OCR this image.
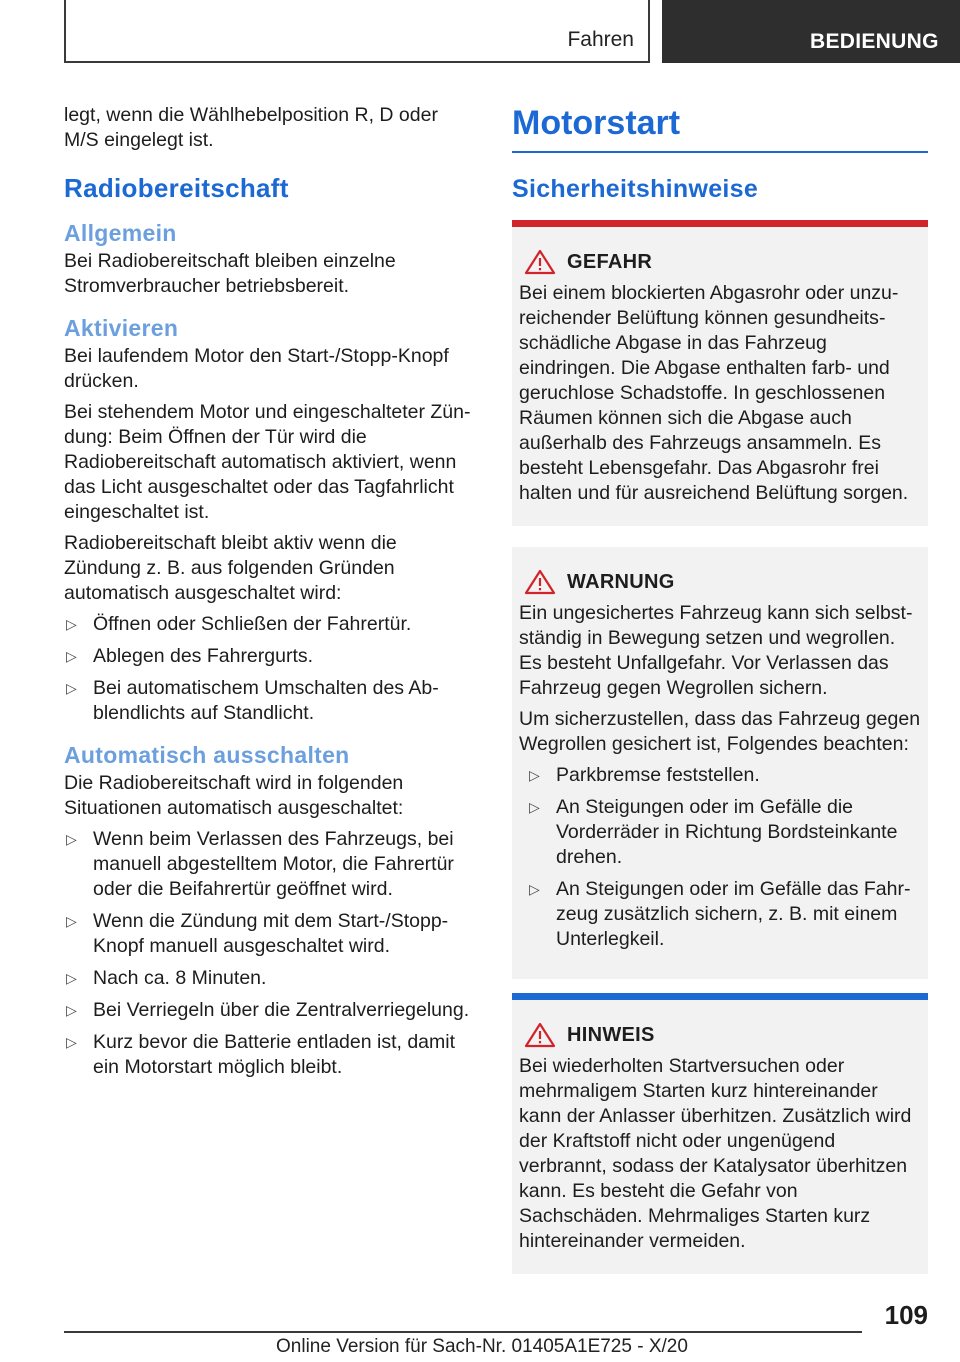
Fahren	BEDIENUNG

legt, wenn die Wählhebelposition R, D oder M/S eingelegt ist.

Radiobereitschaft
Allgemein

Bei Radiobereitschaft bleiben einzelne Stromverbraucher betriebsbereit.

Aktivieren

Bei laufendem Motor den Start-/Stopp-Knopf drücken.

Bei stehendem Motor und eingeschalteter Zündung: Beim Öffnen der Tür wird die Radiobereitschaft automatisch aktiviert, wenn das Licht ausgeschaltet oder das Tagfahrlicht eingeschaltet ist.

Radiobereitschaft bleibt aktiv wenn die Zündung z. B. aus folgenden Gründen automatisch ausgeschaltet wird:

▷ Öffnen oder Schließen der Fahrertür.
▷ Ablegen des Fahrergurts.
▷ Bei automatischem Umschalten des Abblendlichts auf Standlicht.
Automatisch ausschalten

Die Radiobereitschaft wird in folgenden Situationen automatisch ausgeschaltet:

▷ Wenn beim Verlassen des Fahrzeugs, bei manuell abgestelltem Motor, die Fahrertür oder die Beifahrertür geöffnet wird.
▷ Wenn die Zündung mit dem Start-/Stopp-Knopf manuell ausgeschaltet wird.
▷ Nach ca. 8 Minuten.
▷ Bei Verriegeln über die Zentralverriegelung.
▷ Kurz bevor die Batterie entladen ist, damit ein Motorstart möglich bleibt.
Motorstart
Sicherheitshinweise
GEFAHR

Bei einem blockierten Abgasrohr oder unzureichender Belüftung können gesundheitsschädliche Abgase in das Fahrzeug eindringen. Die Abgase enthalten farb- und geruchlose Schadstoffe. In geschlossenen Räumen können sich die Abgase auch außerhalb des Fahrzeugs ansammeln. Es besteht Lebensgefahr. Das Abgasrohr frei halten und für ausreichend Belüftung sorgen.

WARNUNG

Ein ungesichertes Fahrzeug kann sich selbstständig in Bewegung setzen und wegrollen. Es besteht Unfallgefahr. Vor Verlassen das Fahrzeug gegen Wegrollen sichern.

Um sicherzustellen, dass das Fahrzeug gegen Wegrollen gesichert ist, Folgendes beachten:

▷ Parkbremse feststellen.
▷ An Steigungen oder im Gefälle die Vorderräder in Richtung Bordsteinkante drehen.
▷ An Steigungen oder im Gefälle das Fahrzeug zusätzlich sichern, z. B. mit einem Unterlegkeil.
HINWEIS

Bei wiederholten Startversuchen oder mehrmaligem Starten kurz hintereinander kann der Anlasser überhitzen. Zusätzlich wird der Kraftstoff nicht oder ungenügend verbrannt, sodass der Katalysator überhitzen kann. Es besteht die Gefahr von Sachschäden. Mehrmaliges Starten kurz hintereinander vermeiden.

109
Online Version für Sach-Nr. 01405A1E725 - X/20
